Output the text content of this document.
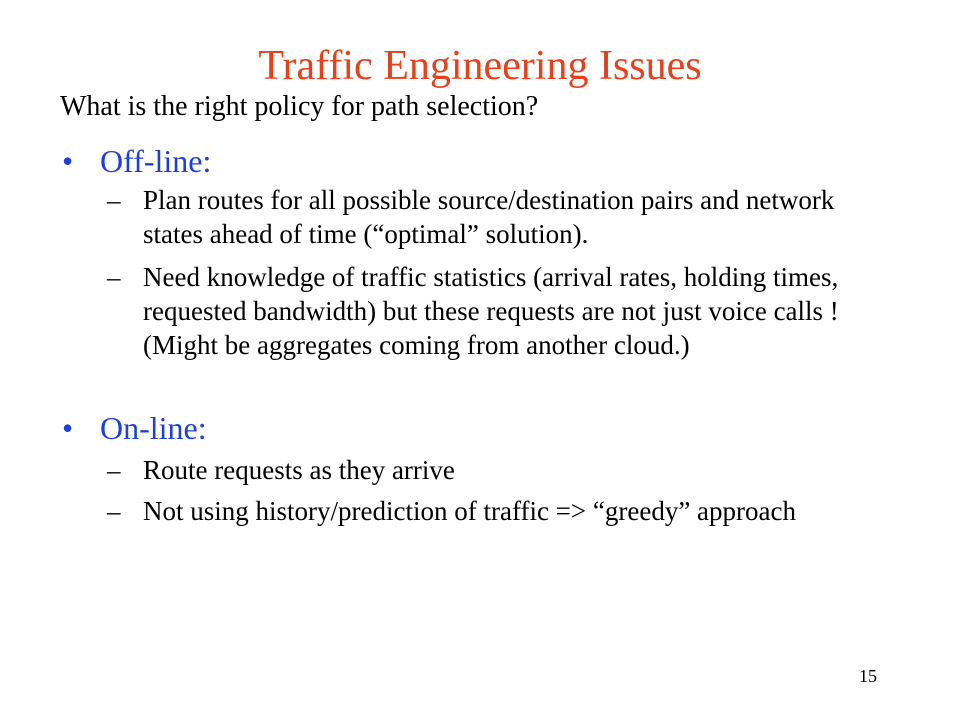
Traffic Engineering Issues

What is the right policy for path selection?

• Off-line:
– Plan routes for all possible source/destination pairs and network states ahead of time (“optimal” solution).
– Need knowledge of traffic statistics (arrival rates, holding times, requested bandwidth) but these requests are not just voice calls ! (Might be aggregates coming from another cloud.)
• On-line:
– Route requests as they arrive
– Not using history/prediction of traffic => “greedy” approach
15
